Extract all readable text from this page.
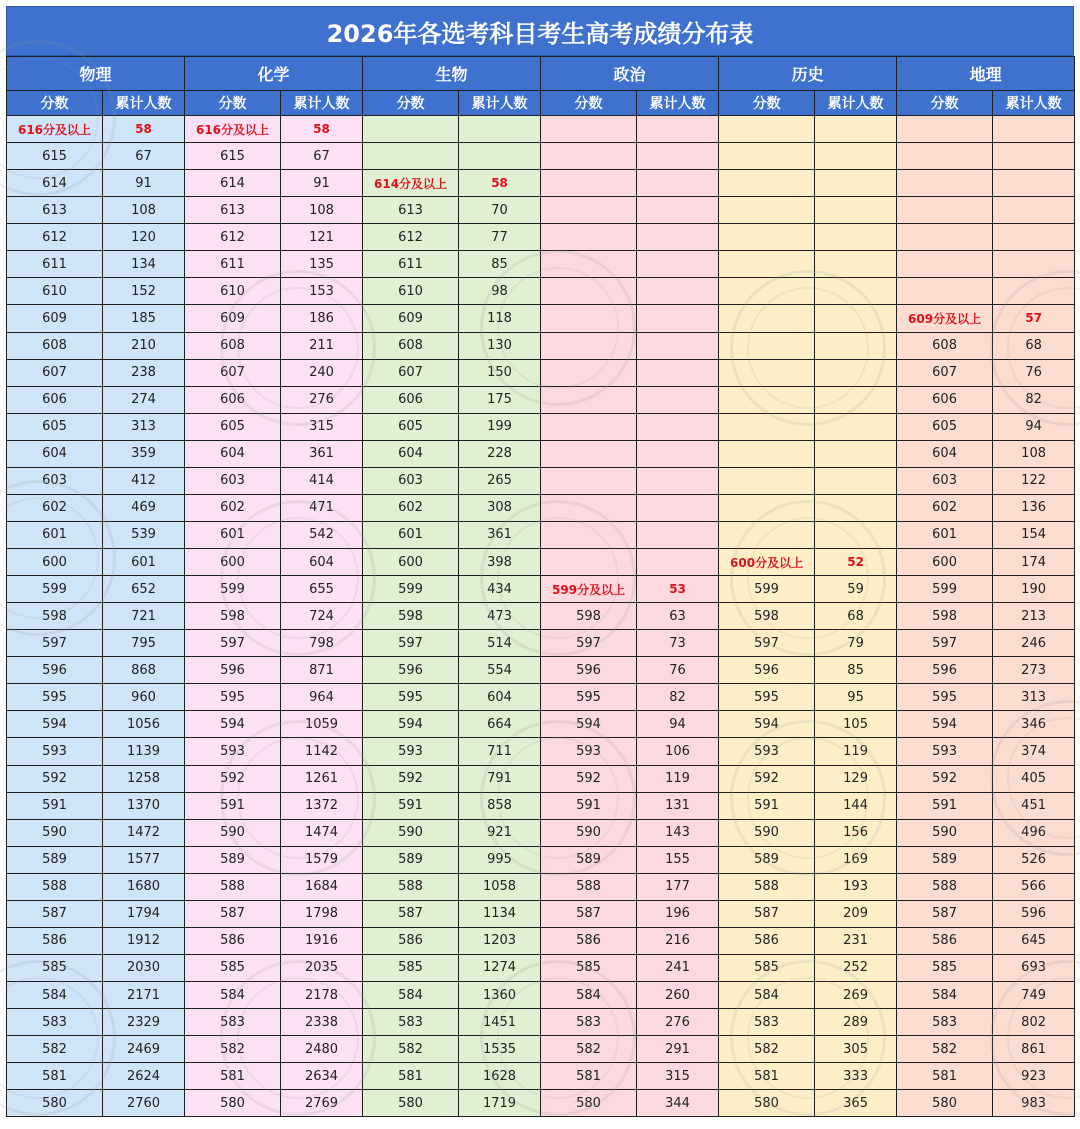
2026年各选考科目考生高考成绩分布表
物理		化学		生物		政治		历史		地理	
分数	累计人数	分数	累计人数	分数	累计人数	分数	累计人数	分数	累计人数	分数	累计人数
616分及以上	58	616分及以上	58								
615	67	615	67								
614	91	614	91	614分及以上	58						
613	108	613	108	613	70						
612	120	612	121	612	77						
611	134	611	135	611	85						
610	152	610	153	610	98						
609	185	609	186	609	118					609分及以上	57
608	210	608	211	608	130					608	68
607	238	607	240	607	150					607	76
606	274	606	276	606	175					606	82
605	313	605	315	605	199					605	94
604	359	604	361	604	228					604	108
603	412	603	414	603	265					603	122
602	469	602	471	602	308					602	136
601	539	601	542	601	361					601	154
600	601	600	604	600	398			600分及以上	52	600	174
599	652	599	655	599	434	599分及以上	53	599	59	599	190
598	721	598	724	598	473	598	63	598	68	598	213
597	795	597	798	597	514	597	73	597	79	597	246
596	868	596	871	596	554	596	76	596	85	596	273
595	960	595	964	595	604	595	82	595	95	595	313
594	1056	594	1059	594	664	594	94	594	105	594	346
593	1139	593	1142	593	711	593	106	593	119	593	374
592	1258	592	1261	592	791	592	119	592	129	592	405
591	1370	591	1372	591	858	591	131	591	144	591	451
590	1472	590	1474	590	921	590	143	590	156	590	496
589	1577	589	1579	589	995	589	155	589	169	589	526
588	1680	588	1684	588	1058	588	177	588	193	588	566
587	1794	587	1798	587	1134	587	196	587	209	587	596
586	1912	586	1916	586	1203	586	216	586	231	586	645
585	2030	585	2035	585	1274	585	241	585	252	585	693
584	2171	584	2178	584	1360	584	260	584	269	584	749
583	2329	583	2338	583	1451	583	276	583	289	583	802
582	2469	582	2480	582	1535	582	291	582	305	582	861
581	2624	581	2634	581	1628	581	315	581	333	581	923
580	2760	580	2769	580	1719	580	344	580	365	580	983
